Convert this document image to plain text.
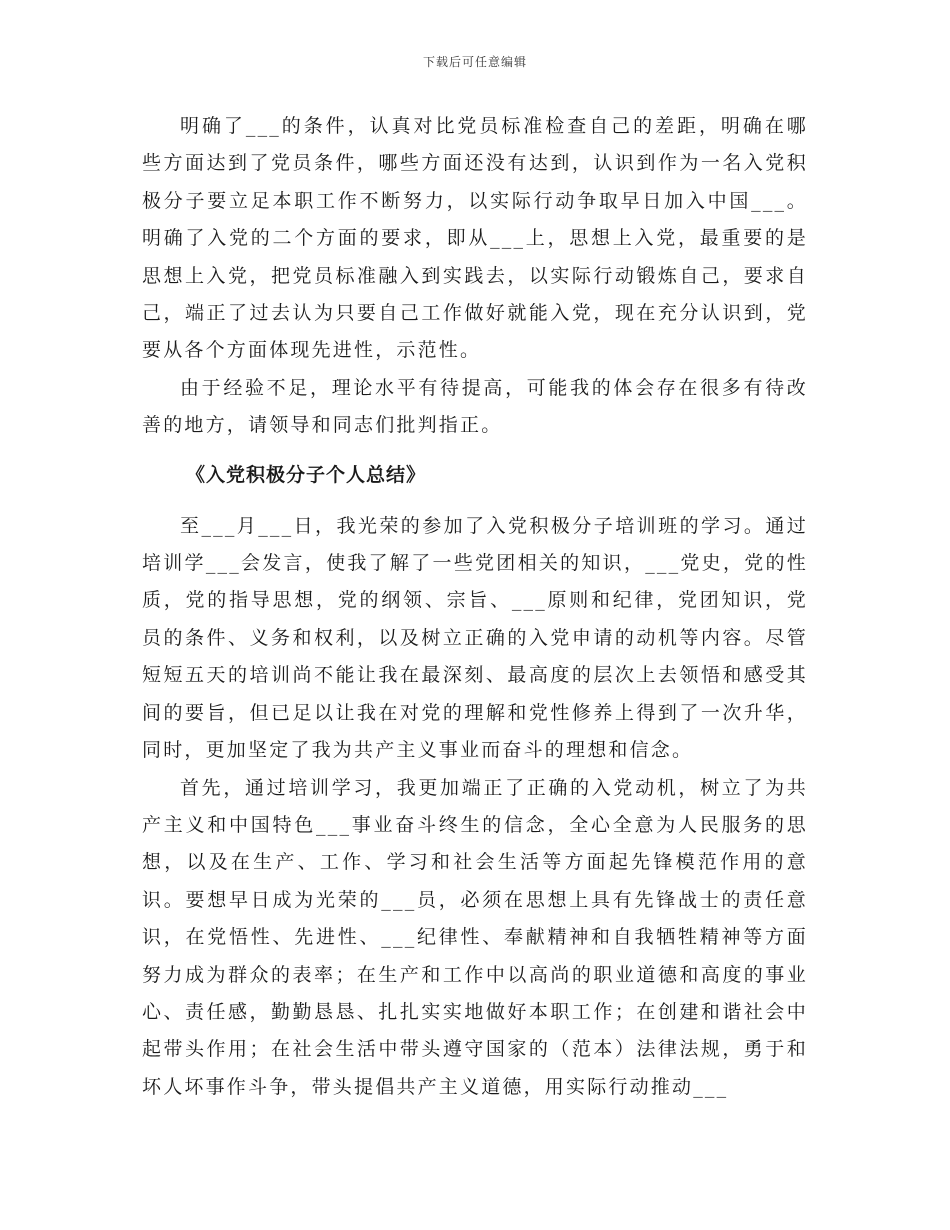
下载后可任意编辑

明确了___的条件，认真对比党员标准检查自己的差距，明确在哪些方面达到了党员条件，哪些方面还没有达到，认识到作为一名入党积极分子要立足本职工作不断努力，以实际行动争取早日加入中国___。明确了入党的二个方面的要求，即从___上，思想上入党，最重要的是思想上入党，把党员标准融入到实践去，以实际行动锻炼自己，要求自己，端正了过去认为只要自己工作做好就能入党，现在充分认识到，党要从各个方面体现先进性，示范性。

由于经验不足，理论水平有待提高，可能我的体会存在很多有待改善的地方，请领导和同志们批判指正。

《入党积极分子个人总结》

至___月___日，我光荣的参加了入党积极分子培训班的学习。通过培训学___会发言，使我了解了一些党团相关的知识，___党史，党的性质，党的指导思想，党的纲领、宗旨、___原则和纪律，党团知识，党员的条件、义务和权利，以及树立正确的入党申请的动机等内容。尽管短短五天的培训尚不能让我在最深刻、最高度的层次上去领悟和感受其间的要旨，但已足以让我在对党的理解和党性修养上得到了一次升华，同时，更加坚定了我为共产主义事业而奋斗的理想和信念。

首先，通过培训学习，我更加端正了正确的入党动机，树立了为共产主义和中国特色___事业奋斗终生的信念，全心全意为人民服务的思想，以及在生产、工作、学习和社会生活等方面起先锋模范作用的意识。要想早日成为光荣的___员，必须在思想上具有先锋战士的责任意识，在党悟性、先进性、___纪律性、奉献精神和自我牺牲精神等方面努力成为群众的表率；在生产和工作中以高尚的职业道德和高度的事业心、责任感，勤勤恳恳、扎扎实实地做好本职工作；在创建和谐社会中起带头作用；在社会生活中带头遵守国家的（范本）法律法规，勇于和坏人坏事作斗争，带头提倡共产主义道德，用实际行动推动___
